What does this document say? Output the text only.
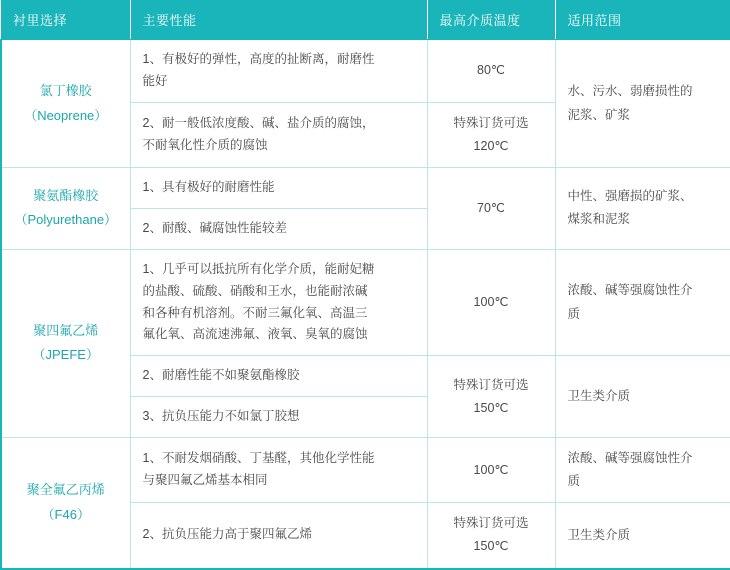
衬里选择	主要性能	最高介质温度	适用范围

氯丁橡胶
（Neoprene）	1、有极好的弹性，高度的扯断离，耐磨性
能好	80℃	水、污水、弱磨损性的
泥浆、矿浆

	2、耐一般低浓度酸、碱、盐介质的腐蚀，
不耐氧化性介质的腐蚀	特殊订货可选
120℃	

聚氨酯橡胶
（Polyurethane）	1、具有极好的耐磨性能	70℃	中性、强磨损的矿浆、
煤浆和泥浆

	2、耐酸、碱腐蚀性能较差		

聚四氟乙烯
（JPEFE）	1、几乎可以抵抗所有化学介质，能耐妃糖
的盐酸、硫酸、硝酸和王水，也能耐浓碱
和各种有机溶剂。不耐三氟化氧、高温三
氟化氧、高流速沸氟、液氧、臭氧的腐蚀	100℃	浓酸、碱等强腐蚀性介
质

	2、耐磨性能不如聚氨酯橡胶	特殊订货可选
150℃	卫生类介质

	3、抗负压能力不如氯丁胶想		

聚全氟乙丙烯
（F46）	1、不耐发烟硝酸、丁基醛，其他化学性能
与聚四氟乙烯基本相同	100℃	浓酸、碱等强腐蚀性介
质

	2、抗负压能力高于聚四氟乙烯	特殊订货可选
150℃	卫生类介质
